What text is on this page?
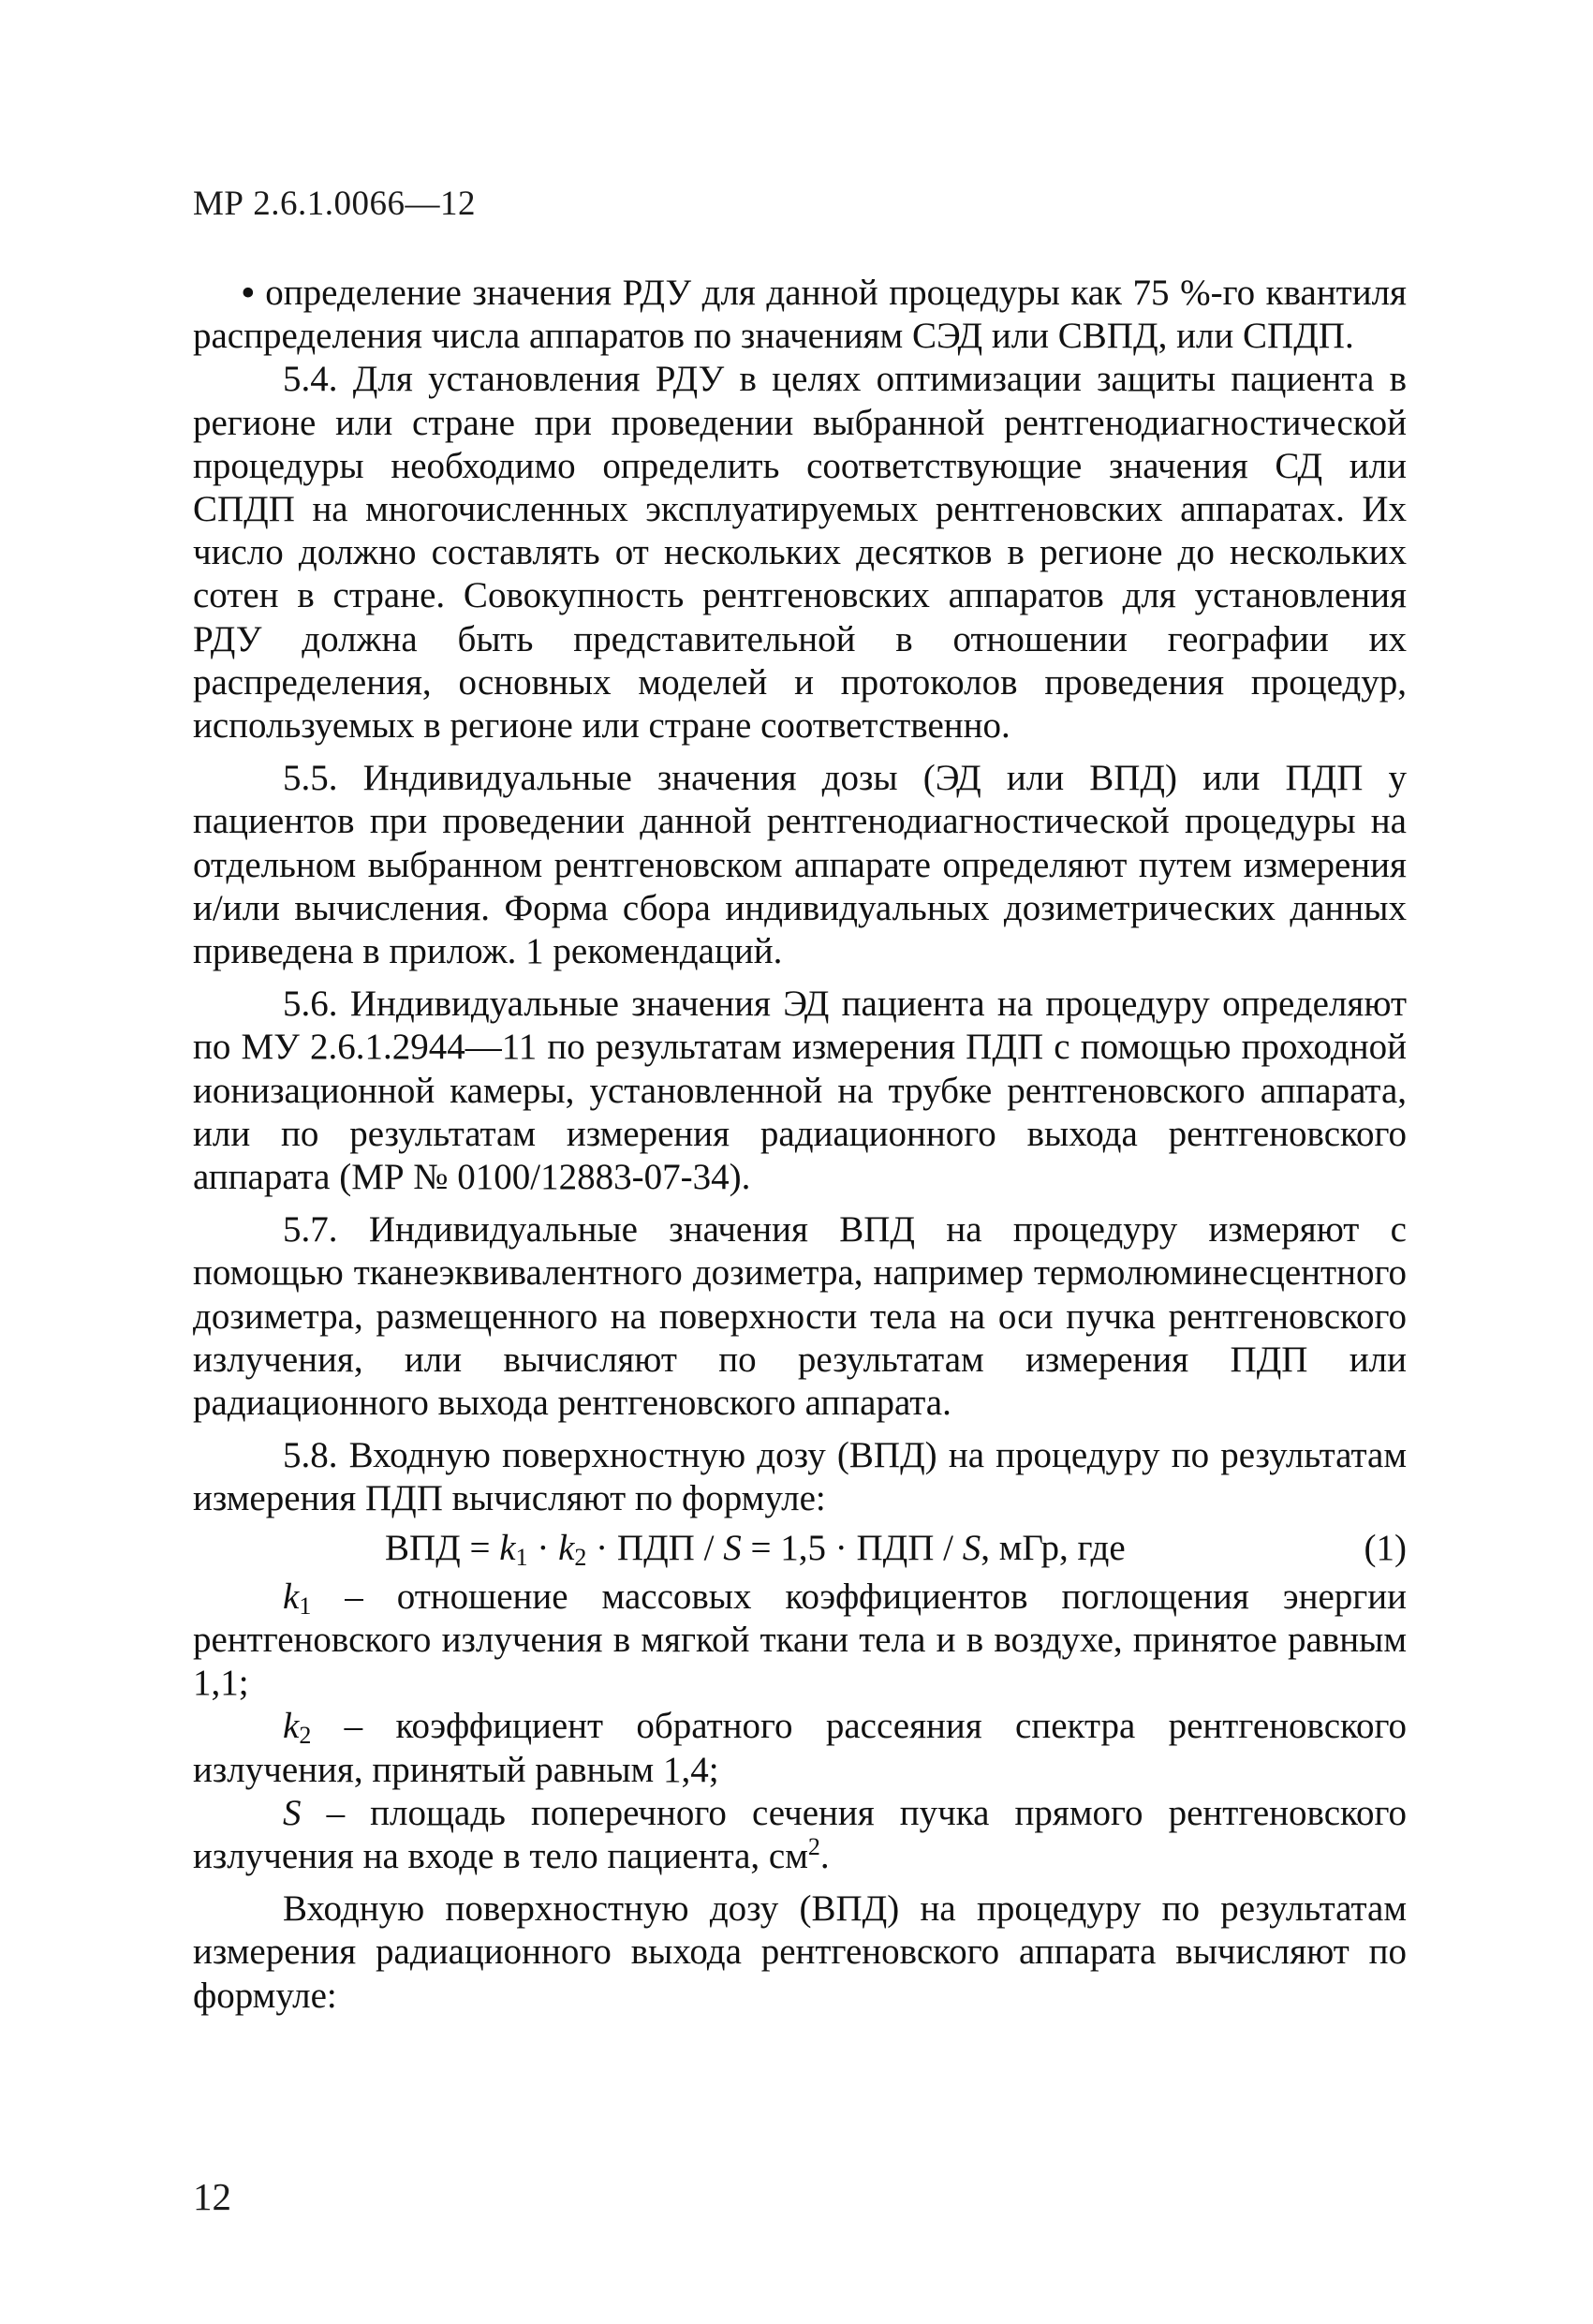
МР 2.6.1.0066—12

• определение значения РДУ для данной процедуры как 75 %-го квантиля распределения числа аппаратов по значениям СЭД или СВПД, или СПДП.

5.4. Для установления РДУ в целях оптимизации защиты пациента в регионе или стране при проведении выбранной рентгенодиагностической процедуры необходимо определить соответствующие значения СД или СПДП на многочисленных эксплуатируемых рентгеновских аппаратах. Их число должно составлять от нескольких десятков в регионе до нескольких сотен в стране. Совокупность рентгеновских аппаратов для установления РДУ должна быть представительной в отношении географии их распределения, основных моделей и протоколов проведения процедур, используемых в регионе или стране соответственно.

5.5. Индивидуальные значения дозы (ЭД или ВПД) или ПДП у пациентов при проведении данной рентгенодиагностической процедуры на отдельном выбранном рентгеновском аппарате определяют путем измерения и/или вычисления. Форма сбора индивидуальных дозиметрических данных приведена в прилож. 1 рекомендаций.

5.6. Индивидуальные значения ЭД пациента на процедуру определяют по МУ 2.6.1.2944—11 по результатам измерения ПДП с помощью проходной ионизационной камеры, установленной на трубке рентгеновского аппарата, или по результатам измерения радиационного выхода рентгеновского аппарата (МР № 0100/12883-07-34).

5.7. Индивидуальные значения ВПД на процедуру измеряют с помощью тканеэквивалентного дозиметра, например термолюминесцентного дозиметра, размещенного на поверхности тела на оси пучка рентгеновского излучения, или вычисляют по результатам измерения ПДП или радиационного выхода рентгеновского аппарата.

5.8. Входную поверхностную дозу (ВПД) на процедуру по результатам измерения ПДП вычисляют по формуле:

ВПД = $k_1 \cdot k_2$ · ПДП / S = 1,5 · ПДП / S, мГр, где	(1)

$k_1$ – отношение массовых коэффициентов поглощения энергии рентгеновского излучения в мягкой ткани тела и в воздухе, принятое равным 1,1;

$k_2$ – коэффициент обратного рассеяния спектра рентгеновского излучения, принятый равным 1,4;

S – площадь поперечного сечения пучка прямого рентгеновского излучения на входе в тело пациента, $см^2$.

Входную поверхностную дозу (ВПД) на процедуру по результатам измерения радиационного выхода рентгеновского аппарата вычисляют по формуле:

12
